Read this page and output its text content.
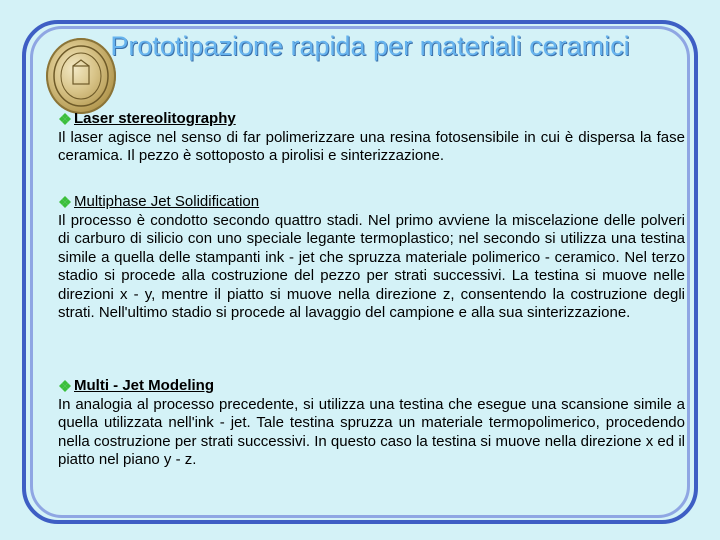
Prototipazione rapida per materiali ceramici
Laser stereolitography

Il laser agisce nel senso di far polimerizzare una resina fotosensibile in cui è dispersa la fase ceramica. Il pezzo è sottoposto a pirolisi e sinterizzazione.

Multiphase Jet Solidification

Il processo è condotto secondo quattro stadi. Nel primo avviene la miscelazione delle polveri di carburo di silicio con uno speciale legante termoplastico; nel secondo si utilizza una testina simile a quella delle stampanti ink - jet che spruzza materiale polimerico - ceramico. Nel terzo stadio si procede alla costruzione del pezzo per strati successivi. La testina si muove nelle direzioni x - y, mentre il piatto si muove nella direzione z, consentendo la costruzione degli strati. Nell'ultimo stadio si procede al lavaggio del campione e alla sua sinterizzazione.

Multi - Jet Modeling

In analogia al processo precedente, si utilizza una testina che esegue una scansione simile a quella utilizzata nell'ink - jet. Tale testina spruzza un materiale termopolimerico, procedendo nella costruzione per strati successivi. In questo caso la testina si muove nella direzione x ed il piatto nel piano y - z.
